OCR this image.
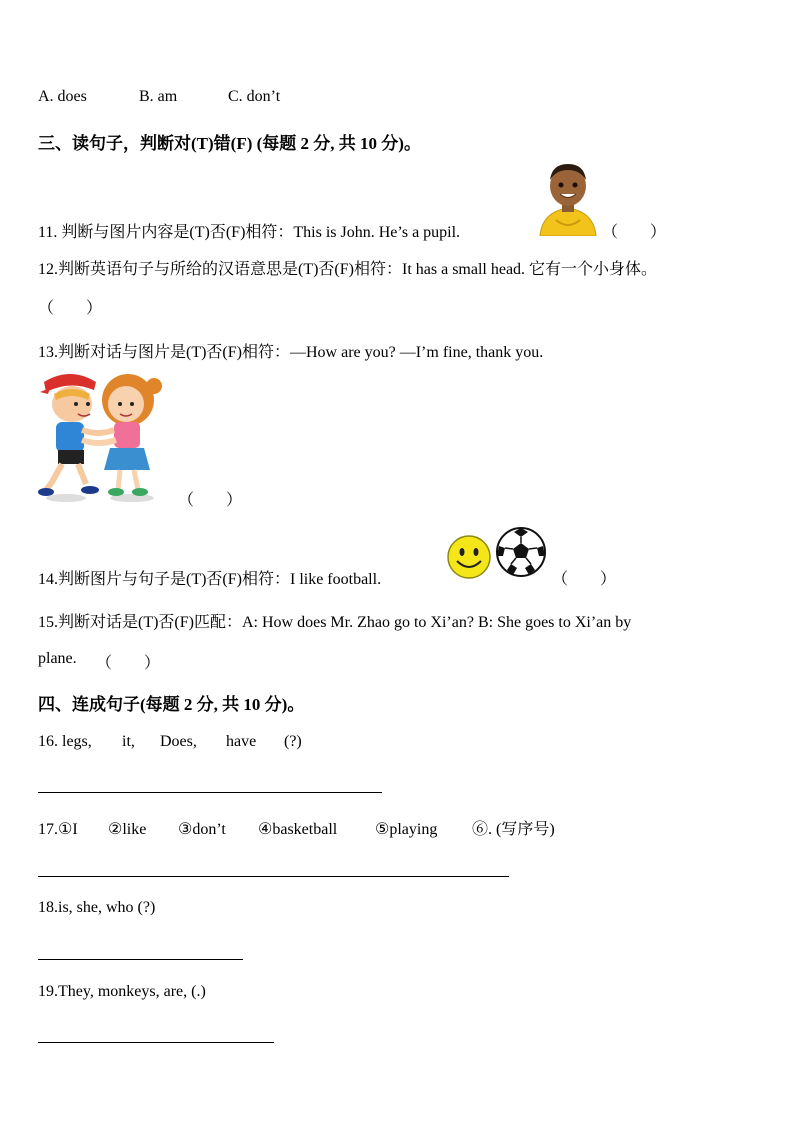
A. does	B. am	C. don’t
三、读句子，判断对(T)错(F) (每题 2 分, 共 10 分)。
11. 判断与图片内容是(T)否(F)相符：This is John. He’s a pupil.	（  ）
12.判断英语句子与所给的汉语意思是(T)否(F)相符：It has a small head. 它有一个小身体。
（  ）
13.判断对话与图片是(T)否(F)相符：—How are you? —I’m fine, thank you.
（  ）
14.判断图片与句子是(T)否(F)相符：I like football.	（  ）
15.判断对话是(T)否(F)匹配：A: How does Mr. Zhao go to Xi’an? B: She goes to Xi’an by
plane. （  ）
四、连成句子(每题 2 分, 共 10 分)。
16. legs, it, Does, have (?)
17.①I ②like ③don’t ④basketball ⑤playing ⑥. (写序号)
18.is, she, who (?)
19.They, monkeys, are, (.)
